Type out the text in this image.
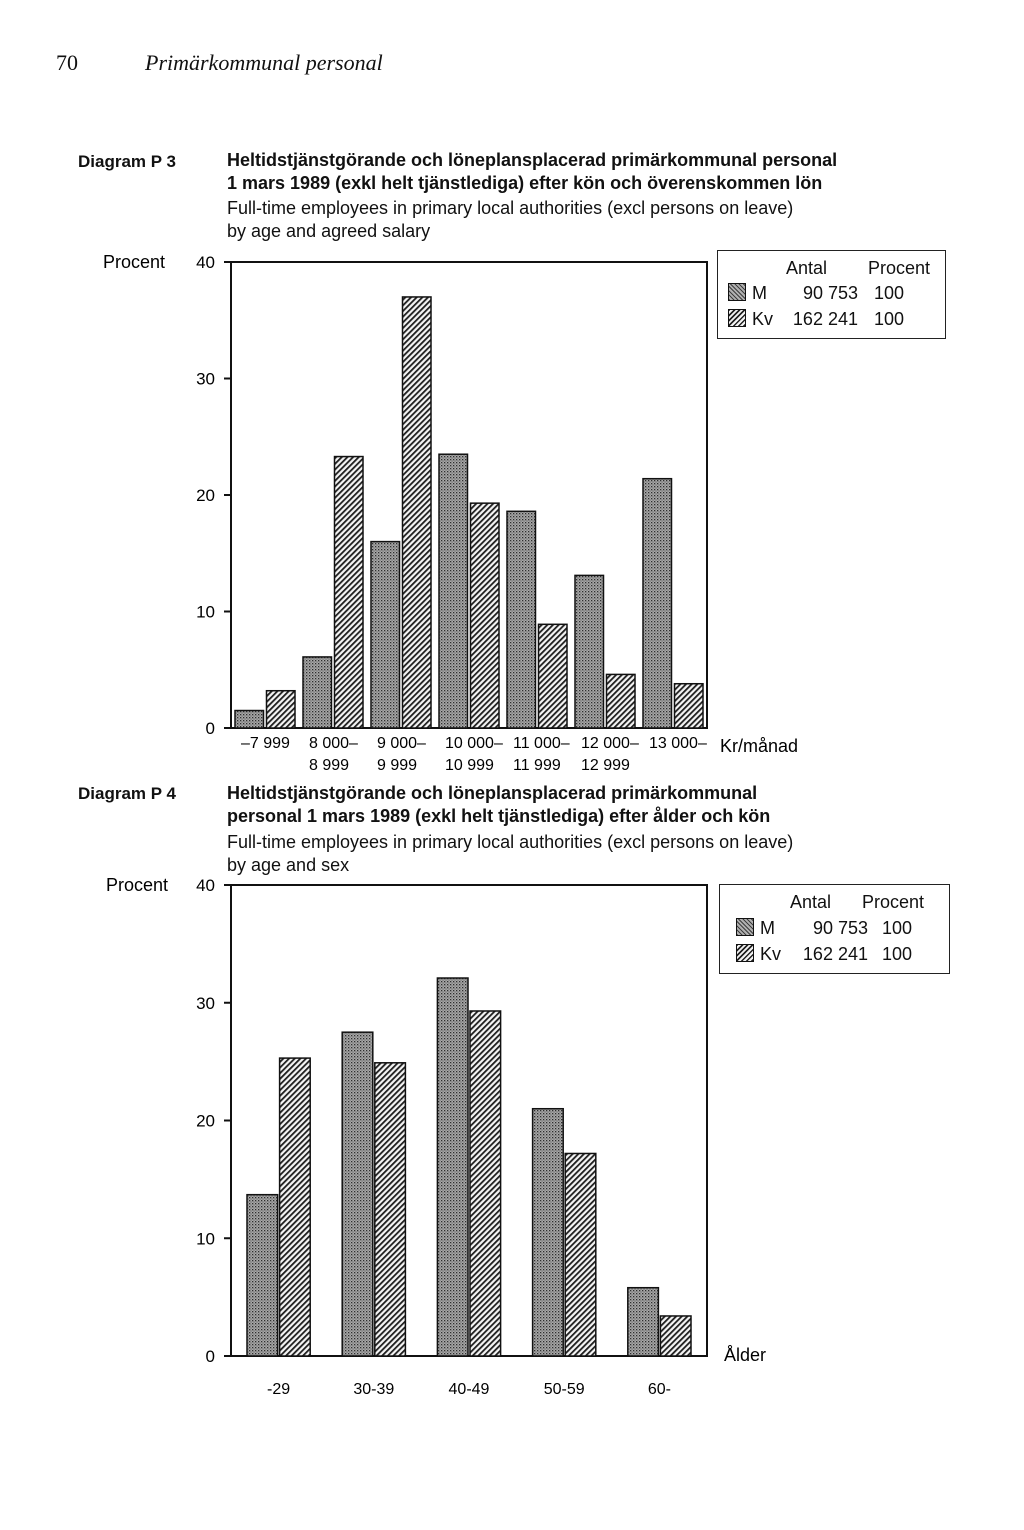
70	Primärkommunal personal
Diagram P 3	Heltidstjänstgörande och löneplansplacerad primärkommunal personal
1 mars 1989 (exkl helt tjänstlediga) efter kön och överenskommen lön
Full-time employees in primary local authorities (excl persons on leave)
by age and agreed salary
0
10
20
30
40
Procent
–7 999 8 000–
8 999
9 000–
9 999
10 000–
10 999
11 000–
11 999
12 000–
12 999
13 000– Kr/månad
Antal Procent
M 90 753 100
Kv 162 241 100
Diagram P 4	Heltidstjänstgörande och löneplansplacerad primärkommunal
personal 1 mars 1989 (exkl helt tjänstlediga) efter ålder och kön
Full-time employees in primary local authorities (excl persons on leave)
by age and sex
0
10
20
30
40
Procent
-29	30-39	40-49	50-59	60-
Ålder
Antal Procent
M 90 753 100
Kv 162 241 100
